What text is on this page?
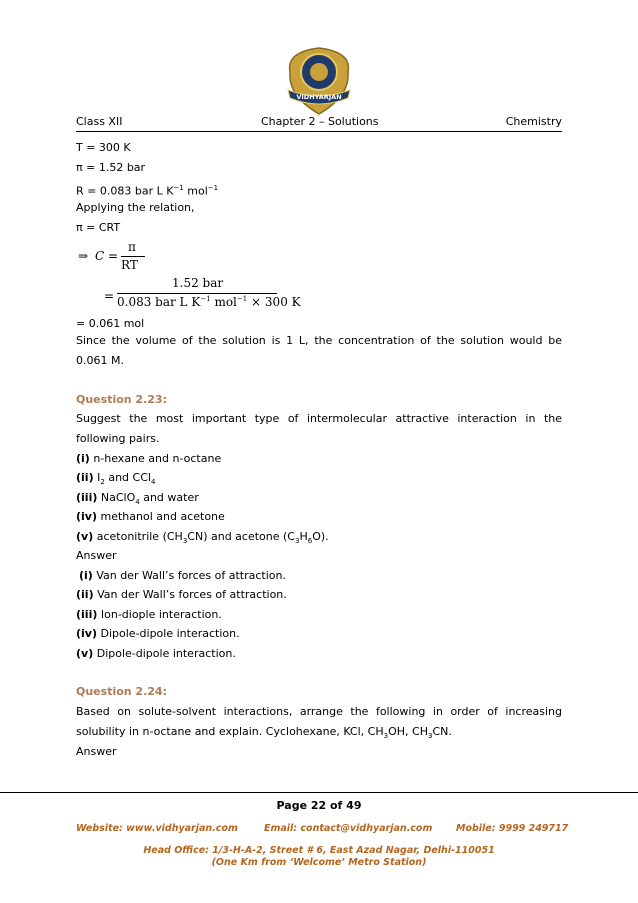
VIDHYARJAN
Class XII	Chapter 2 – Solutions	Chemistry
T = 300 K
π = 1.52 bar
R = 0.083 bar L $K^{-1}$ mol$^{-1}$
Applying the relation,
π = CRT
⇒ C =
π
RT
=
1.52 bar
0.083 bar L $K^{-1}$ mol$^{-1}$ × 300 K
= 0.061 mol
Since the volume of the solution is 1 L, the concentration of the solution would be 0.061 M.
Question 2.23:
Suggest the most important type of intermolecular attractive interaction in the following pairs.
(i) n-hexane and n-octane
(ii) $I_2$ and CCl$_4$
(iii) NaClO$_4$ and water
(iv) methanol and acetone
(v) acetonitrile $(CH_3CN)$ and acetone $(C_3H_6O)$.
Answer
(i) Van der Wall’s forces of attraction.
(ii) Van der Wall’s forces of attraction.
(iii) Ion-diople interaction.
(iv) Dipole-dipole interaction.
(v) Dipole-dipole interaction.
Question 2.24:
Based on solute-solvent interactions, arrange the following in order of increasing solubility in n-octane and explain. Cyclohexane, KCl, $CH_3OH$, $CH_3CN$.
Answer
Page 22 of 49
Website: www.vidhyarjan.com	Email: contact@vidhyarjan.com Mobile: 9999 249717
Head Office: 1/3-H-A-2, Street # 6, East Azad Nagar, Delhi-110051
(One Km from ‘Welcome’ Metro Station)
